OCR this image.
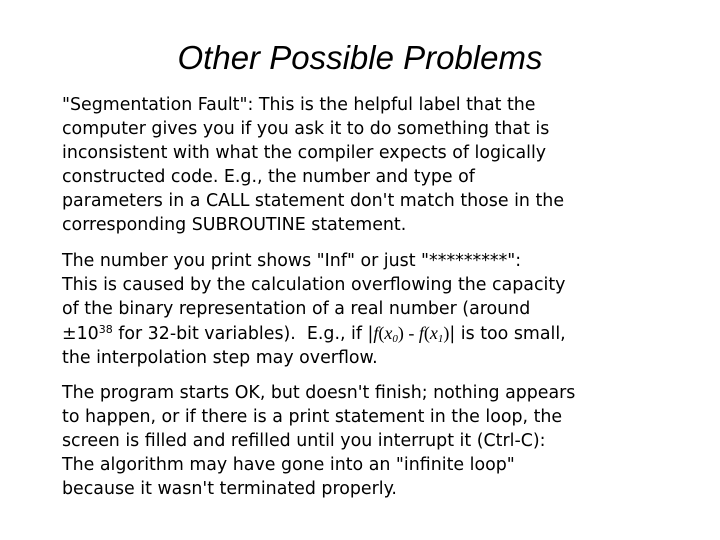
Other Possible Problems

"Segmentation Fault": This is the helpful label that the
computer gives you if you ask it to do something that is
inconsistent with what the compiler expects of logically
constructed code. E.g., the number and type of
parameters in a CALL statement don't match those in the
corresponding SUBROUTINE statement.

The number you print shows "Inf" or just "*********":
This is caused by the calculation overflowing the capacity
of the binary representation of a real number (around
$\pm 10^{38}$ for 32-bit variables).  E.g., if $|f(x_0) - f(x_1)|$ is too small,
the interpolation step may overflow.

The program starts OK, but doesn't finish; nothing appears
to happen, or if there is a print statement in the loop, the
screen is filled and refilled until you interrupt it (Ctrl-C):
The algorithm may have gone into an "infinite loop"
because it wasn't terminated properly.
